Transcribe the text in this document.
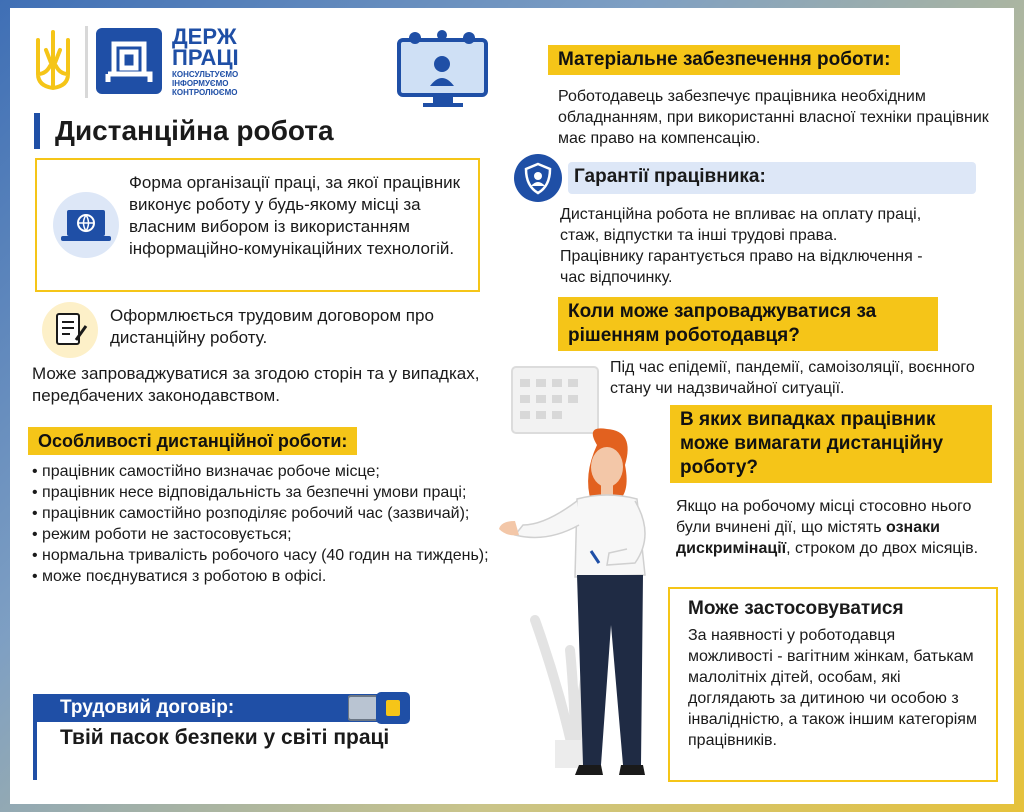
ДЕРЖ
ПРАЦІ
КОНСУЛЬТУЄМО
ІНФОРМУЄМО
КОНТРОЛЮЄМО
Дистанційна робота
Форма організації праці, за якої працівник виконує роботу у будь-якому місці за власним вибором із використанням інформаційно-комунікаційних технологій.
Оформлюється трудовим договором про дистанційну роботу.
Може запроваджуватися за згодою сторін та у випадках, передбачених законодавством.
Особливості дистанційної роботи:
• працівник самостійно визначає робоче місце;
• працівник несе відповідальність за безпечні умови праці;
• працівник самостійно розподіляє робочий час (зазвичай);
• режим роботи не застосовується;
• нормальна тривалість робочого часу (40 годин на тиждень);
• може поєднуватися з роботою в офісі.
Трудовий договір:
Твій пасок безпеки у світі праці
Матеріальне забезпечення роботи:
Роботодавець забезпечує працівника необхідним обладнанням, при використанні власної техніки працівник має право на компенсацію.
Гарантії працівника:
Дистанційна робота не впливає на оплату праці, стаж, відпустки та інші трудові права.
Працівнику гарантується право на відключення - час відпочинку.
Коли може запроваджуватися за рішенням роботодавця?
Під час епідемії, пандемії, самоізоляції, воєнного стану чи надзвичайної ситуації.
В яких випадках працівник може вимагати дистанційну роботу?
Якщо на робочому місці стосовно нього були вчинені дії, що містять ознаки дискримінації, строком до двох місяців.
Може застосовуватися
За наявності у роботодавця можливості - вагітним жінкам, батькам малолітніх дітей, особам, які доглядають за дитиною чи особою з інвалідністю, а також іншим категоріям працівників.
